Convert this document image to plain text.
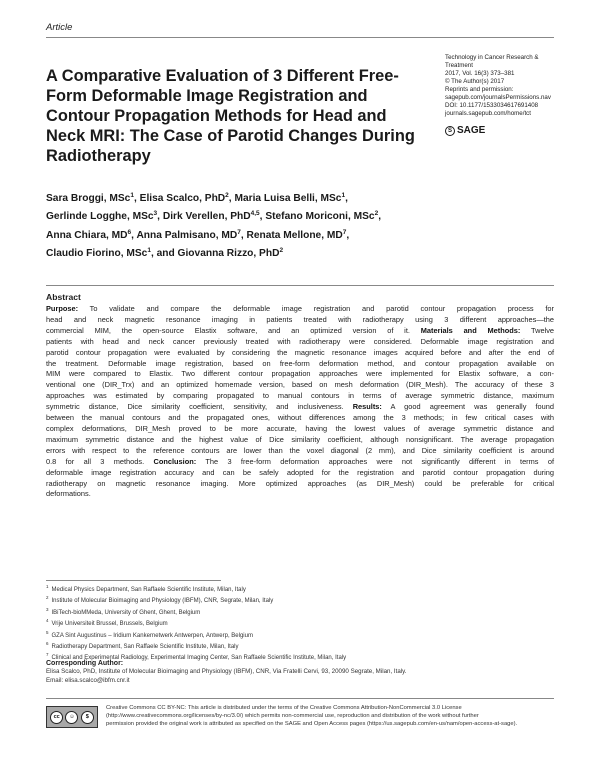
Article
A Comparative Evaluation of 3 Different Free-Form Deformable Image Registration and Contour Propagation Methods for Head and Neck MRI: The Case of Parotid Changes During Radiotherapy
Technology in Cancer Research &
Treatment
2017, Vol. 16(3) 373–381
© The Author(s) 2017
Reprints and permission:
sagepub.com/journalsPermissions.nav
DOI: 10.1177/1533034617691408
journals.sagepub.com/home/tct
S SAGE
Sara Broggi, MSc$^1$, Elisa Scalco, PhD$^2$, Maria Luisa Belli, MSc$^1$,
Gerlinde Logghe, MSc$^3$, Dirk Verellen, PhD$^{4,5}$, Stefano Moriconi, MSc$^2$,
Anna Chiara, $MD^6$, Anna Palmisano, $MD^7$, Renata Mellone, $MD^7$,
Claudio Fiorino, MSc$^1$, and Giovanna Rizzo, PhD$^2$
Abstract
Purpose: To validate and compare the deformable image registration and parotid contour propagation process for
head and neck magnetic resonance imaging in patients treated with radiotherapy using 3 different approaches—the
commercial MIM, the open-source Elastix software, and an optimized version of it. Materials and Methods: Twelve
patients with head and neck cancer previously treated with radiotherapy were considered. Deformable image registration and
parotid contour propagation were evaluated by considering the magnetic resonance images acquired before and after the end of
the treatment. Deformable image registration, based on free-form deformation method, and contour propagation available on
MIM were compared to Elastix. Two different contour propagation approaches were implemented for Elastix software, a con-
ventional one (DIR_Trx) and an optimized homemade version, based on mesh deformation (DIR_Mesh). The accuracy of these 3
approaches was estimated by comparing propagated to manual contours in terms of average symmetric distance, maximum
symmetric distance, Dice similarity coefficient, sensitivity, and inclusiveness. Results: A good agreement was generally found
between the manual contours and the propagated ones, without differences among the 3 methods; in few critical cases with
complex deformations, DIR_Mesh proved to be more accurate, having the lowest values of average symmetric distance and
maximum symmetric distance and the highest value of Dice similarity coefficient, although nonsignificant. The average propagation
errors with respect to the reference contours are lower than the voxel diagonal (2 mm), and Dice similarity coefficient is around
0.8 for all 3 methods. Conclusion: The 3 free-form deformation approaches were not significantly different in terms of
deformable image registration accuracy and can be safely adopted for the registration and parotid contour propagation during
radiotherapy on magnetic resonance imaging. More optimized approaches (as DIR_Mesh) could be preferable for critical
deformations.
$^1$Medical Physics Department, San Raffaele Scientific Institute, Milan, Italy
$^2$Institute of Molecular Bioimaging and Physiology (IBFM), CNR, Segrate, Milan, Italy
$^3$IBiTech-bioMMeda, University of Ghent, Ghent, Belgium
$^4$Vrije Universiteit Brussel, Brussels, Belgium
$^5$GZA Sint Augustinus – Iridium Kankernetwerk Antwerpen, Antwerp, Belgium
$^6$Radiotherapy Department, San Raffaele Scientific Institute, Milan, Italy
$^7$Clinical and Experimental Radiology, Experimental Imaging Center, San Raffaele Scientific Institute, Milan, Italy
Corresponding Author:
Elisa Scalco, PhD, Institute of Molecular Bioimaging and Physiology (IBFM), CNR, Via Fratelli Cervi, 93, 20090 Segrate, Milan, Italy.
Email: elisa.scalco@ibfm.cnr.it
cc	☺	$
Creative Commons CC BY-NC: This article is distributed under the terms of the Creative Commons Attribution-NonCommercial 3.0 License
(http://www.creativecommons.org/licenses/by-nc/3.0/) which permits non-commercial use, reproduction and distribution of the work without further
permission provided the original work is attributed as specified on the SAGE and Open Access pages (https://us.sagepub.com/en-us/nam/open-access-at-sage).
